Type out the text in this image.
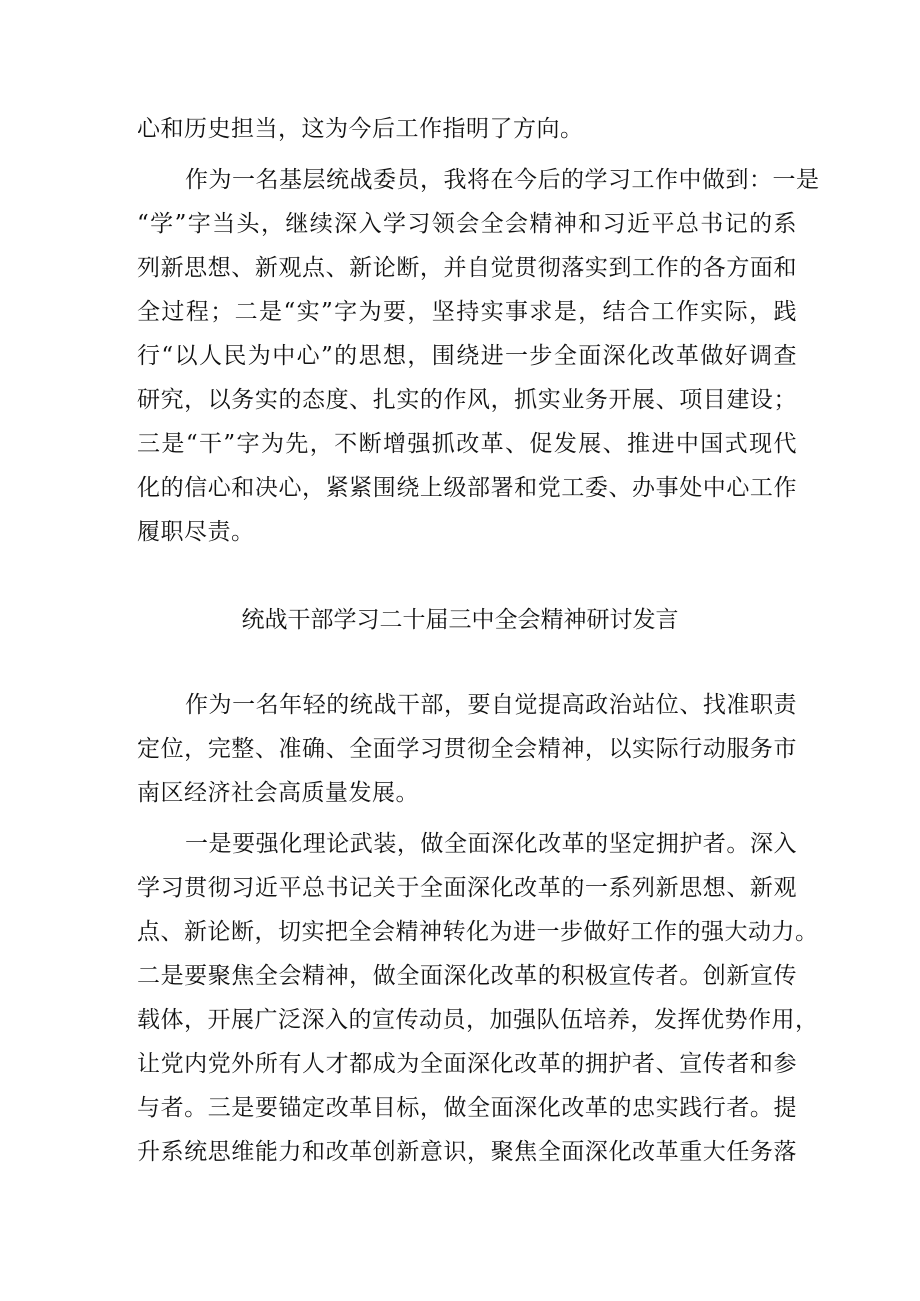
心和历史担当，这为今后工作指明了方向。
作为一名基层统战委员，我将在今后的学习工作中做到：一是
“学”字当头，继续深入学习领会全会精神和习近平总书记的系
列新思想、新观点、新论断，并自觉贯彻落实到工作的各方面和
全过程；二是“实”字为要，坚持实事求是，结合工作实际，践
行“以人民为中心”的思想，围绕进一步全面深化改革做好调查
研究，以务实的态度、扎实的作风，抓实业务开展、项目建设；
三是“干”字为先，不断增强抓改革、促发展、推进中国式现代
化的信心和决心，紧紧围绕上级部署和党工委、办事处中心工作
履职尽责。
统战干部学习二十届三中全会精神研讨发言
作为一名年轻的统战干部，要自觉提高政治站位、找准职责
定位，完整、准确、全面学习贯彻全会精神，以实际行动服务市
南区经济社会高质量发展。
一是要强化理论武装，做全面深化改革的坚定拥护者。深入
学习贯彻习近平总书记关于全面深化改革的一系列新思想、新观
点、新论断，切实把全会精神转化为进一步做好工作的强大动力。
二是要聚焦全会精神，做全面深化改革的积极宣传者。创新宣传
载体，开展广泛深入的宣传动员，加强队伍培养，发挥优势作用，
让党内党外所有人才都成为全面深化改革的拥护者、宣传者和参
与者。三是要锚定改革目标，做全面深化改革的忠实践行者。提
升系统思维能力和改革创新意识，聚焦全面深化改革重大任务落
